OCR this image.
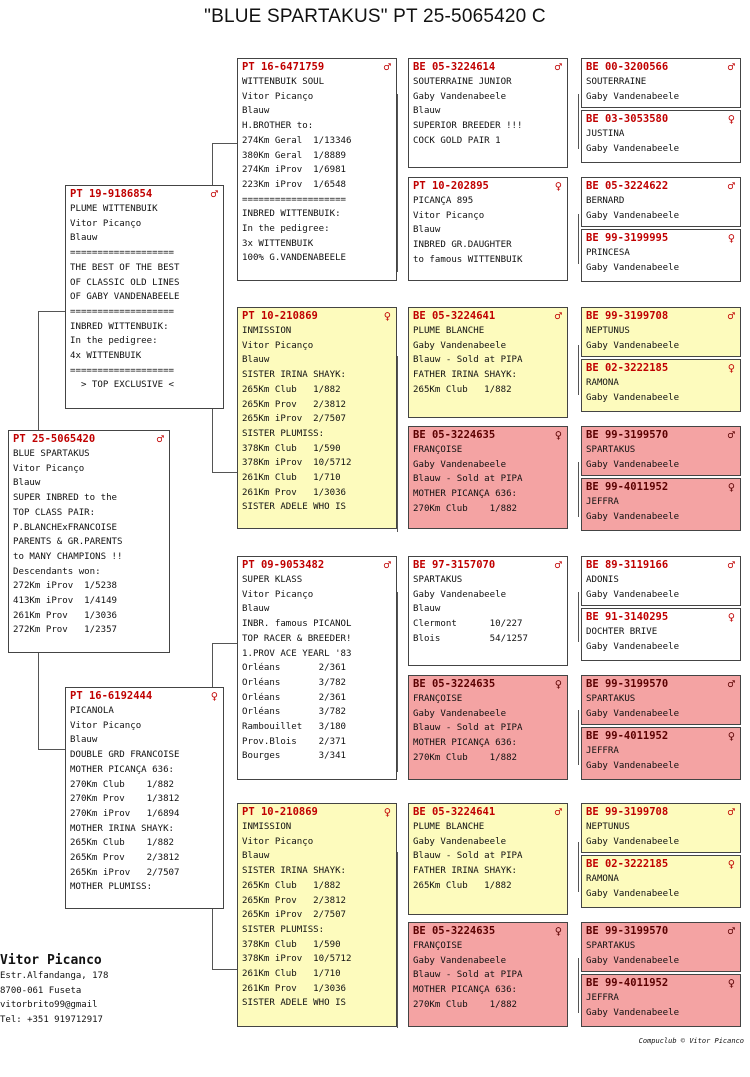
"BLUE SPARTAKUS" PT 25-5065420 C
PT 25-5065420	♂
BLUE SPARTAKUS
Vitor Picanço
Blauw
SUPER INBRED to the
TOP CLASS PAIR:
P.BLANCHExFRANCOISE
PARENTS & GR.PARENTS
to MANY CHAMPIONS !!
Descendants won:
272Km iProv  1/5238
413Km iProv  1/4149
261Km Prov   1/3036
272Km Prov   1/2357
PT 19-9186854	♂
PLUME WITTENBUIK
Vitor Picanço
Blauw
===================
THE BEST OF THE BEST
OF CLASSIC OLD LINES
OF GABY VANDENABEELE
===================
INBRED WITTENBUIK:
In the pedigree:
4x WITTENBUIK
===================
> TOP EXCLUSIVE <
PT 16-6192444	♀
PICANOLA
Vitor Picanço
Blauw
DOUBLE GRD FRANCOISE
MOTHER PICANÇA 636:
270Km Club    1/882
270Km Prov    1/3812
270Km iProv   1/6894
MOTHER IRINA SHAYK:
265Km Club    1/882
265Km Prov    2/3812
265Km iProv   2/7507
MOTHER PLUMISS:
PT 16-6471759	♂
WITTENBUIK SOUL
Vitor Picanço
Blauw
H.BROTHER to:
274Km Geral  1/13346
380Km Geral  1/8889
274Km iProv  1/6981
223Km iProv  1/6548
===================
INBRED WITTENBUIK:
In the pedigree:
3x WITTENBUIK
100% G.VANDENABEELE
PT 10-210869	♀
INMISSION
Vitor Picanço
Blauw
SISTER IRINA SHAYK:
265Km Club   1/882
265Km Prov   2/3812
265Km iProv  2/7507
SISTER PLUMISS:
378Km Club   1/590
378Km iProv  10/5712
261Km Club   1/710
261Km Prov   1/3036
SISTER ADELE WHO IS
PT 09-9053482	♂
SUPER KLASS
Vitor Picanço
Blauw
INBR. famous PICANOL
TOP RACER & BREEDER!
1.PROV ACE YEARL '83
Orléans       2/361
Orléans       3/782
Orléans       2/361
Orléans       3/782
Rambouillet   3/180
Prov.Blois    2/371
Bourges       3/341
PT 10-210869	♀
INMISSION
Vitor Picanço
Blauw
SISTER IRINA SHAYK:
265Km Club   1/882
265Km Prov   2/3812
265Km iProv  2/7507
SISTER PLUMISS:
378Km Club   1/590
378Km iProv  10/5712
261Km Club   1/710
261Km Prov   1/3036
SISTER ADELE WHO IS
BE 05-3224614	♂
SOUTERRAINE JUNIOR
Gaby Vandenabeele
Blauw
SUPERIOR BREEDER !!!
COCK GOLD PAIR 1
PT 10-202895	♀
PICANÇA 895
Vitor Picanço
Blauw
INBRED GR.DAUGHTER
to famous WITTENBUIK
BE 05-3224641	♂
PLUME BLANCHE
Gaby Vandenabeele
Blauw - Sold at PIPA
FATHER IRINA SHAYK:
265Km Club   1/882
BE 05-3224635	♀
FRANÇOISE
Gaby Vandenabeele
Blauw - Sold at PIPA
MOTHER PICANÇA 636:
270Km Club    1/882
BE 97-3157070	♂
SPARTAKUS
Gaby Vandenabeele
Blauw
Clermont      10/227
Blois         54/1257
BE 05-3224635	♀
FRANÇOISE
Gaby Vandenabeele
Blauw - Sold at PIPA
MOTHER PICANÇA 636:
270Km Club    1/882
BE 05-3224641	♂
PLUME BLANCHE
Gaby Vandenabeele
Blauw - Sold at PIPA
FATHER IRINA SHAYK:
265Km Club   1/882
BE 05-3224635	♀
FRANÇOISE
Gaby Vandenabeele
Blauw - Sold at PIPA
MOTHER PICANÇA 636:
270Km Club    1/882
BE 00-3200566	♂
SOUTERRAINE
Gaby Vandenabeele
BE 03-3053580	♀
JUSTINA
Gaby Vandenabeele
BE 05-3224622	♂
BERNARD
Gaby Vandenabeele
BE 99-3199995	♀
PRINCESA
Gaby Vandenabeele
BE 99-3199708	♂
NEPTUNUS
Gaby Vandenabeele
BE 02-3222185	♀
RAMONA
Gaby Vandenabeele
BE 99-3199570	♂
SPARTAKUS
Gaby Vandenabeele
BE 99-4011952	♀
JEFFRA
Gaby Vandenabeele
BE 89-3119166	♂
ADONIS
Gaby Vandenabeele
BE 91-3140295	♀
DOCHTER BRIVE
Gaby Vandenabeele
BE 99-3199570	♂
SPARTAKUS
Gaby Vandenabeele
BE 99-4011952	♀
JEFFRA
Gaby Vandenabeele
BE 99-3199708	♂
NEPTUNUS
Gaby Vandenabeele
BE 02-3222185	♀
RAMONA
Gaby Vandenabeele
BE 99-3199570	♂
SPARTAKUS
Gaby Vandenabeele
BE 99-4011952	♀
JEFFRA
Gaby Vandenabeele
Vitor Picanco
Estr.Alfandanga, 178
8700-061 Fuseta
vitorbrito99@gmail
Tel: +351 919712917
Compuclub © Vitor Picanco
